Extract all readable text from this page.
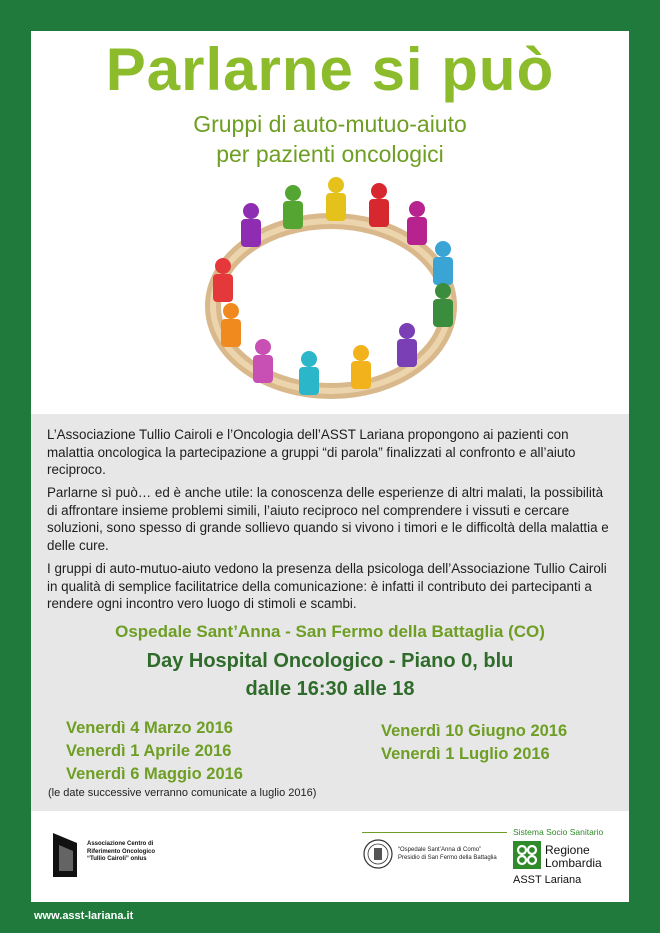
Parlarne si può
Gruppi di auto-mutuo-aiuto
per pazienti oncologici
L’Associazione Tullio Cairoli e l’Oncologia dell’ASST Lariana propongono ai pazienti con malattia oncologica la partecipazione a gruppi “di parola” finalizzati al confronto e all’aiuto reciproco.
Parlarne sì può… ed è anche utile: la conoscenza delle esperienze di altri malati, la possibilità di affrontare insieme problemi simili, l’aiuto reciproco nel comprendere i vissuti e cercare soluzioni, sono spesso di grande sollievo quando si vivono i timori e le difficoltà della malattia e delle cure.
I gruppi di auto-mutuo-aiuto vedono la presenza della psicologa dell’Associazione Tullio Cairoli in qualità di semplice facilitatrice della comunicazione: è infatti il contributo dei partecipanti a rendere ogni incontro vero luogo di stimoli e scambi.
Ospedale Sant’Anna - San Fermo della Battaglia (CO)
Day Hospital Oncologico - Piano 0, blu
dalle 16:30 alle 18
Venerdì 4 Marzo 2016
Venerdì 1 Aprile 2016
Venerdì 6 Maggio 2016
Venerdì 10 Giugno 2016
Venerdì 1 Luglio 2016
(le date successive verranno comunicate a luglio 2016)
Associazione Centro di
Riferimento Oncologico
“Tullio Cairoli” onlus
“Ospedale Sant’Anna di Como”
Presidio di San Fermo della Battaglia
Sistema Socio Sanitario
Regione
Lombardia
ASST Lariana
www.asst-lariana.it
